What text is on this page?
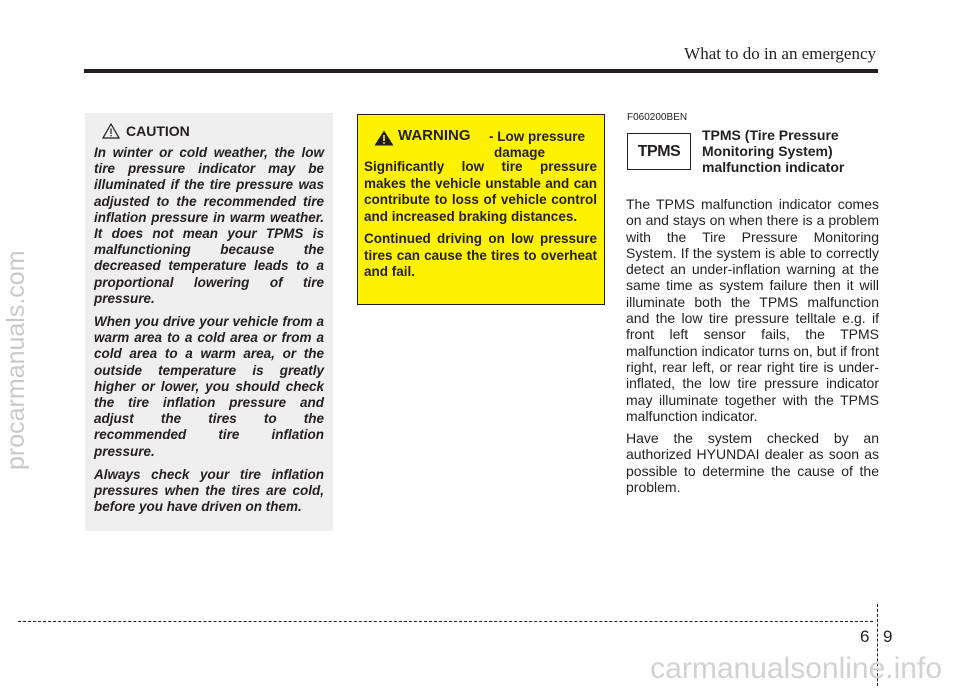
What to do in an emergency
procarmanuals.com
CAUTION

In winter or cold weather, the low tire pressure indicator may be illuminated if the tire pressure was adjusted to the recommended tire inflation pressure in warm weather. It does not mean your TPMS is malfunctioning because the decreased temperature leads to a proportional lowering of tire pressure.

When you drive your vehicle from a warm area to a cold area or from a cold area to a warm area, or the outside temperature is greatly higher or lower, you should check the tire inflation pressure and adjust the tires to the recommended tire inflation pressure.

Always check your tire inflation pressures when the tires are cold, before you have driven on them.

WARNING - Low pressure
damage

Significantly low tire pressure makes the vehicle unstable and can contribute to loss of vehicle control and increased braking distances.

Continued driving on low pressure tires can cause the tires to overheat and fail.

F060200BEN
TPMS
TPMS (Tire Pressure
Monitoring System)
malfunction indicator

The TPMS malfunction indicator comes on and stays on when there is a problem with the Tire Pressure Monitoring System. If the system is able to correctly detect an under-inflation warning at the same time as system failure then it will illuminate both the TPMS malfunction and the low tire pressure telltale e.g. if front left sensor fails, the TPMS malfunction indicator turns on, but if front right, rear left, or rear right tire is under-inflated, the low tire pressure indicator may illuminate together with the TPMS malfunction indicator.

Have the system checked by an authorized HYUNDAI dealer as soon as possible to determine the cause of the problem.

6 9
carmanualsonline.info
